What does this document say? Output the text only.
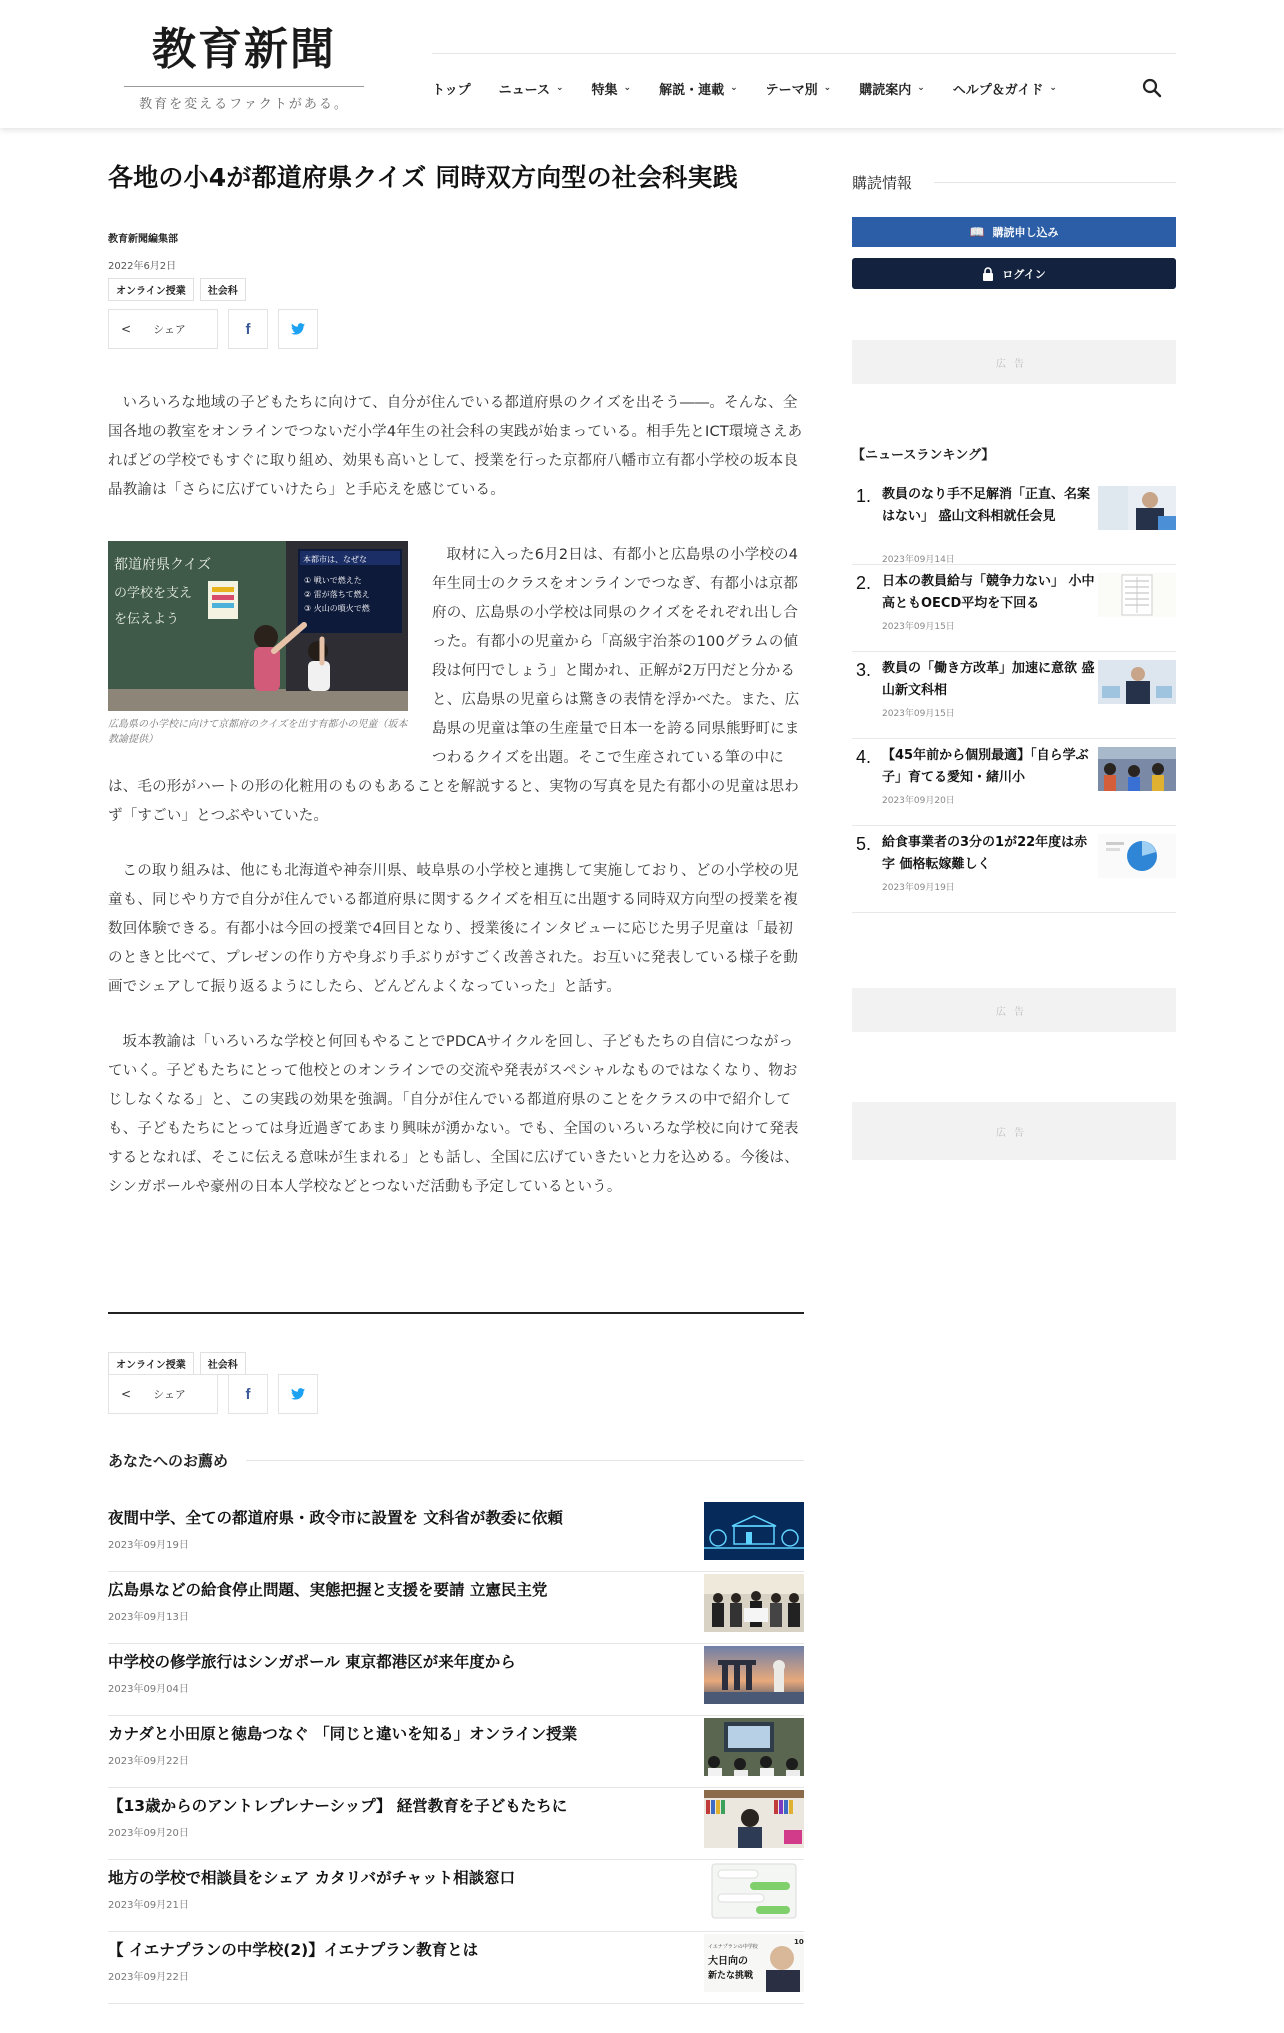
教育新聞
教育を変えるファクトがある。
トップ ニュース ⌄ 特集 ⌄ 解説・連載 ⌄ テーマ別 ⌄ 購読案内 ⌄ ヘルプ＆ガイド ⌄
各地の小4が都道府県クイズ 同時双方向型の社会科実践
教育新聞編集部
2022年6月2日
オンライン授業	社会科
< シェア	f

いろいろな地域の子どもたちに向けて、自分が住んでいる都道府県のクイズを出そう――。そんな、全国各地の教室をオンラインでつないだ小学4年生の社会科の実践が始まっている。相手先とICT環境さえあればどの学校でもすぐに取り組め、効果も高いとして、授業を行った京都府八幡市立有都小学校の坂本良晶教諭は「さらに広げていけたら」と手応えを感じている。

本都市は、なぜな
① 戦いで燃えた
② 雷が落ちて燃え
③ 火山の噴火で燃
都道府県クイズ
の学校を支え
を伝えよう
広島県の小学校に向けて京都府のクイズを出す有都小の児童（坂本教諭提供）

取材に入った6月2日は、有都小と広島県の小学校の4年生同士のクラスをオンラインでつなぎ、有都小は京都府の、広島県の小学校は同県のクイズをそれぞれ出し合った。有都小の児童から「高級宇治茶の100グラムの値段は何円でしょう」と聞かれ、正解が2万円だと分かると、広島県の児童らは驚きの表情を浮かべた。また、広島県の児童は筆の生産量で日本一を誇る同県熊野町にまつわるクイズを出題。そこで生産されている筆の中には、毛の形がハートの形の化粧用のものもあることを解説すると、実物の写真を見た有都小の児童は思わず「すごい」とつぶやいていた。

この取り組みは、他にも北海道や神奈川県、岐阜県の小学校と連携して実施しており、どの小学校の児童も、同じやり方で自分が住んでいる都道府県に関するクイズを相互に出題する同時双方向型の授業を複数回体験できる。有都小は今回の授業で4回目となり、授業後にインタビューに応じた男子児童は「最初のときと比べて、プレゼンの作り方や身ぶり手ぶりがすごく改善された。お互いに発表している様子を動画でシェアして振り返るようにしたら、どんどんよくなっていった」と話す。

坂本教諭は「いろいろな学校と何回もやることでPDCAサイクルを回し、子どもたちの自信につながっていく。子どもたちにとって他校とのオンラインでの交流や発表がスペシャルなものではなくなり、物おじしなくなる」と、この実践の効果を強調。「自分が住んでいる都道府県のことをクラスの中で紹介しても、子どもたちにとっては身近過ぎてあまり興味が湧かない。でも、全国のいろいろな学校に向けて発表するとなれば、そこに伝える意味が生まれる」とも話し、全国に広げていきたいと力を込める。今後は、シンガポールや豪州の日本人学校などとつないだ活動も予定しているという。

オンライン授業	社会科
< シェア	f
あなたへのお薦め
夜間中学、全ての都道府県・政令市に設置を 文科省が教委に依頼
2023年09月19日
広島県などの給食停止問題、実態把握と支援を要請 立憲民主党
2023年09月13日
中学校の修学旅行はシンガポール 東京都港区が来年度から
2023年09月04日
カナダと小田原と徳島つなぐ 「同じと違いを知る」オンライン授業
2023年09月22日
【13歳からのアントレプレナーシップ】 経営教育を子どもたちに
2023年09月20日
地方の学校で相談員をシェア カタリバがチャット相談窓口
2023年09月21日
【 イエナプランの中学校(2)】イエナプラン教育とは
2023年09月22日
10
イエナプランの中学校
大日向の
新たな挑戦
購読情報
📖 購読申し込み
ログイン
広告
【ニュースランキング】
1. 教員のなり手不足解消「正直、名案はない」 盛山文科相就任会見
2023年09月14日
2. 日本の教員給与「競争力ない」 小中高ともOECD平均を下回る
2023年09月15日
3. 教員の「働き方改革」加速に意欲 盛山新文科相
2023年09月15日
4. 【45年前から個別最適】「自ら学ぶ子」育てる愛知・緒川小
2023年09月20日
5. 給食事業者の3分の1が22年度は赤字 価格転嫁難しく
2023年09月19日
広告
広告
